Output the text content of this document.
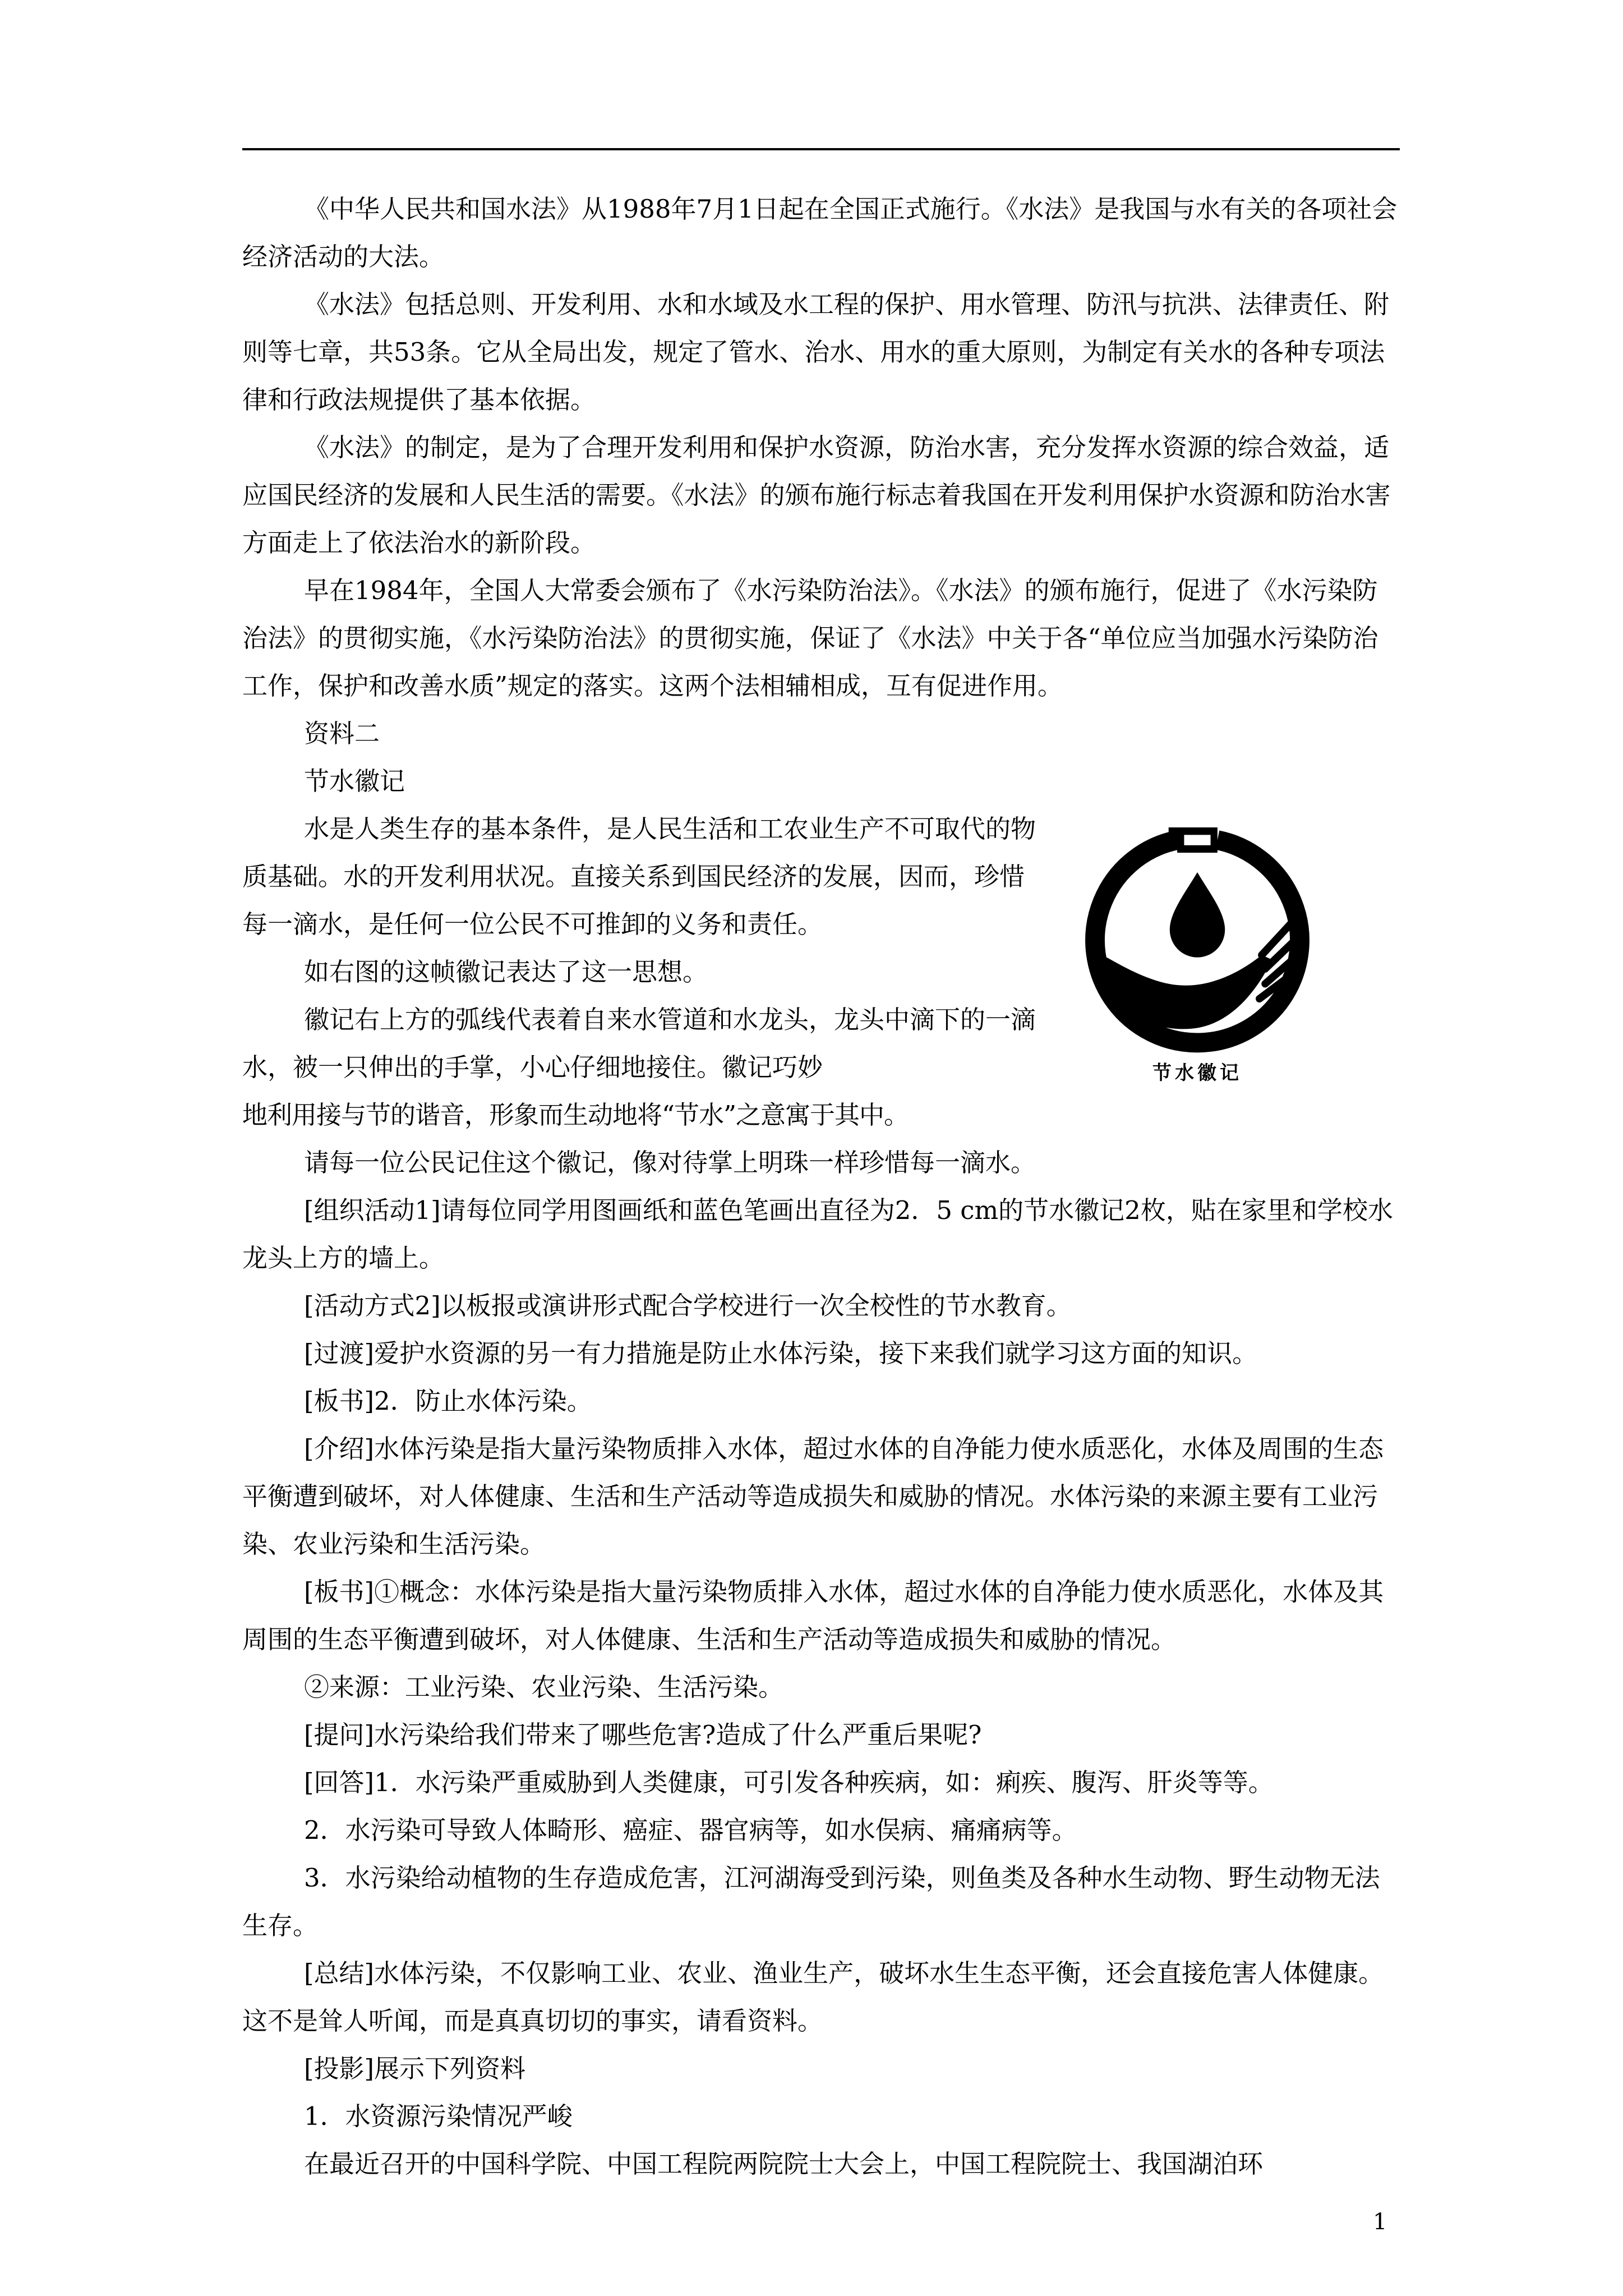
《中华人民共和国水法》从1988年7月1日起在全国正式施行。《水法》是我国与水有关的各项社会经济活动的大法。

《水法》包括总则、开发利用、水和水域及水工程的保护、用水管理、防汛与抗洪、法律责任、附则等七章，共53条。它从全局出发，规定了管水、治水、用水的重大原则，为制定有关水的各种专项法律和行政法规提供了基本依据。

《水法》的制定，是为了合理开发利用和保护水资源，防治水害，充分发挥水资源的综合效益，适应国民经济的发展和人民生活的需要。《水法》的颁布施行标志着我国在开发利用保护水资源和防治水害方面走上了依法治水的新阶段。

早在1984年，全国人大常委会颁布了《水污染防治法》。《水法》的颁布施行，促进了《水污染防治法》的贯彻实施，《水污染防治法》的贯彻实施，保证了《水法》中关于各“单位应当加强水污染防治工作，保护和改善水质”规定的落实。这两个法相辅相成，互有促进作用。

资料二

节水徽记

水是人类生存的基本条件，是人民生活和工农业生产不可取代的物质基础。水的开发利用状况。直接关系到国民经济的发展，因而，珍惜每一滴水，是任何一位公民不可推卸的义务和责任。

如右图的这帧徽记表达了这一思想。

徽记右上方的弧线代表着自来水管道和水龙头，龙头中滴下的一滴水，被一只伸出的手掌，小心仔细地接住。徽记巧妙
地利用接与节的谐音，形象而生动地将“节水”之意寓于其中。

请每一位公民记住这个徽记，像对待掌上明珠一样珍惜每一滴水。

[组织活动1]请每位同学用图画纸和蓝色笔画出直径为2．5 cm的节水徽记2枚，贴在家里和学校水龙头上方的墙上。

[活动方式2]以板报或演讲形式配合学校进行一次全校性的节水教育。

[过渡]爱护水资源的另一有力措施是防止水体污染，接下来我们就学习这方面的知识。

[板书]2．防止水体污染。

[介绍]水体污染是指大量污染物质排入水体，超过水体的自净能力使水质恶化，水体及周围的生态平衡遭到破坏，对人体健康、生活和生产活动等造成损失和威胁的情况。水体污染的来源主要有工业污染、农业污染和生活污染。

[板书]①概念：水体污染是指大量污染物质排入水体，超过水体的自净能力使水质恶化，水体及其周围的生态平衡遭到破坏，对人体健康、生活和生产活动等造成损失和威胁的情况。

②来源：工业污染、农业污染、生活污染。

[提问]水污染给我们带来了哪些危害?造成了什么严重后果呢?

[回答]1．水污染严重威胁到人类健康，可引发各种疾病，如：痢疾、腹泻、肝炎等等。

2．水污染可导致人体畸形、癌症、器官病等，如水俣病、痛痛病等。

3．水污染给动植物的生存造成危害，江河湖海受到污染，则鱼类及各种水生动物、野生动物无法生存。

[总结]水体污染，不仅影响工业、农业、渔业生产，破坏水生生态平衡，还会直接危害人体健康。这不是耸人听闻，而是真真切切的事实，请看资料。

[投影]展示下列资料

1．水资源污染情况严峻

在最近召开的中国科学院、中国工程院两院院士大会上，中国工程院院士、我国湖泊环

节水徽记
1
